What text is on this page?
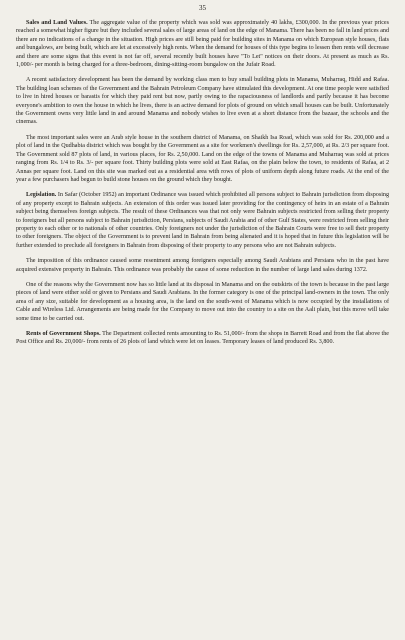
35

Sales and Land Values. The aggregate value of the property which was sold was approximately 40 lakhs, £300,000. In the previous year prices reached a somewhat higher figure but they included several sales of large areas of land on the edge of Manama. There has been no fall in land prices and there are no indications of a change in the situation. High prices are still being paid for building sites in Manama on which European style houses, flats and bungalows, are being built, which are let at excessively high rents. When the demand for houses of this type begins to lessen then rents will decrease and there are some signs that this event is not far off, several recently built houses have "To Let" notices on their doors. At present as much as Rs. 1,000/- per month is being charged for a three-bedroom, dining-sitting-room bungalow on the Jufair Road.

A recent satisfactory development has been the demand by working class men to buy small building plots in Manama, Muharraq, Hidd and Rafaa. The building loan schemes of the Government and the Bahrain Petroleum Company have stimulated this development. At one time people were satisfied to live in hired houses or barastis for which they paid rent but now, partly owing to the rapaciousness of landlords and partly because it has become everyone's ambition to own the house in which he lives, there is an active demand for plots of ground on which small houses can be built. Unfortunately the Government owns very little land in and around Manama and nobody wishes to live even at a short distance from the bazaar, the schools and the cinemas.

The most important sales were an Arab style house in the southern district of Manama, on Shaikh Isa Road, which was sold for Rs. 200,000 and a plot of land in the Qudhabia district which was bought by the Government as a site for workmen's dwellings for Rs. 2,57,000, at Rs. 2/3 per square foot. The Government sold 87 plots of land, in various places, for Rs. 2,50,000. Land on the edge of the towns of Manama and Muharraq was sold at prices ranging from Rs. 1/4 to Rs. 3/- per square foot. Thirty building plots were sold at East Rafaa, on the plain below the town, to residents of Rafaa, at 2 Annas per square foot. Land on this site was marked out as a residential area with rows of plots of uniform depth along future roads. At the end of the year a few purchasers had begun to build stone houses on the ground which they bought.

Legislation. In Safar (October 1952) an important Ordinance was issued which prohibited all persons subject to Bahrain jurisdiction from disposing of any property except to Bahrain subjects. An extension of this order was issued later providing for the contingency of heirs in an estate of a Bahrain subject being themselves foreign subjects. The result of these Ordinances was that not only were Bahrain subjects restricted from selling their property to foreigners but all persons subject to Bahrain jurisdiction, Persians, subjects of Saudi Arabia and of other Gulf States, were restricted from selling their property to each other or to nationals of other countries. Only foreigners not under the jurisdiction of the Bahrain Courts were free to sell their property to other foreigners. The object of the Government is to prevent land in Bahrain from being alienated and it is hoped that in future this legislation will be further extended to preclude all foreigners in Bahrain from disposing of their property to any persons who are not Bahrain subjects.

The imposition of this ordinance caused some resentment among foreigners especially among Saudi Arabians and Persians who in the past have acquired extensive property in Bahrain. This ordinance was probably the cause of some reduction in the number of large land sales during 1372.

One of the reasons why the Government now has so little land at its disposal in Manama and on the outskirts of the town is because in the past large pieces of land were either sold or given to Persians and Saudi Arabians. In the former category is one of the principal land-owners in the town. The only area of any size, suitable for development as a housing area, is the land on the south-west of Manama which is now occupied by the installations of Cable and Wireless Ltd. Arrangements are being made for the Company to move out into the country to a site on the Aali plain, but this move will take some time to be carried out.

Rents of Government Shops. The Department collected rents amounting to Rs. 51,000/- from the shops in Barrett Road and from the flat above the Post Office and Rs. 20,000/- from rents of 26 plots of land which were let on leases. Temporary leases of land produced Rs. 3,800.
